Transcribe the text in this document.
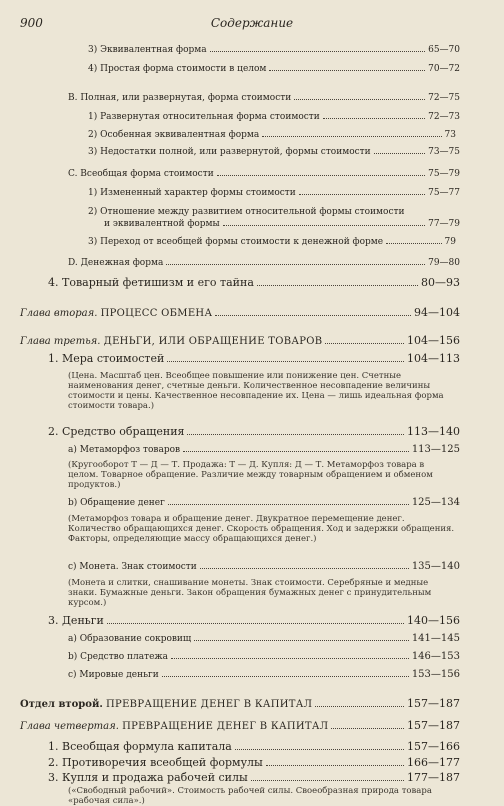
900	Содержание
3) Эквивалентная форма	65—70
4) Простая форма стоимости в целом	70—72
B. Полная, или развернутая, форма стоимости	72—75
1) Развернутая относительная форма стоимости	72—73
2) Особенная эквивалентная форма	73
3) Недостатки полной, или развернутой, формы стоимости	73—75
C. Всеобщая форма стоимости	75—79
1) Измененный характер формы стоимости	75—77
2) Отношение между развитием относительной формы стоимости
и эквивалентной формы	77—79
3) Переход от всеобщей формы стоимости к денежной форме	79
D. Денежная форма	79—80
4. Товарный фетишизм и его тайна	80—93
Глава вторая. ПРОЦЕСС ОБМЕНА	94—104
Глава третья. ДЕНЬГИ, ИЛИ ОБРАЩЕНИЕ ТОВАРОВ	104—156
1. Мера стоимостей	104—113
(Цена. Масштаб цен. Всеобщее повышение или понижение цен. Счетные наименования денег, счетные деньги. Количественное несовпадение величины стоимости и цены. Качественное несовпадение их. Цена — лишь идеальная форма стоимости товара.)
2. Средство обращения	113—140
a) Метаморфоз товаров	113—125
(Кругооборот Т — Д — Т. Продажа: Т — Д. Купля: Д — Т. Метаморфоз товара в целом. Товарное обращение. Различие между товарным обращением и обменом продуктов.)
b) Обращение денег	125—134
(Метаморфоз товара и обращение денег. Двукратное перемещение денег. Количество обращающихся денег. Скорость обращения. Ход и задержки обращения. Факторы, определяющие массу обращающихся денег.)
c) Монета. Знак стоимости	135—140
(Монета и слитки, снашивание монеты. Знак стоимости. Серебряные и медные знаки. Бумажные деньги. Закон обращения бумажных денег с принудительным курсом.)
3. Деньги	140—156
a) Образование сокровищ	141—145
b) Средство платежа	146—153
c) Мировые деньги	153—156
Отдел второй. ПРЕВРАЩЕНИЕ ДЕНЕГ В КАПИТАЛ	157—187
Глава четвертая. ПРЕВРАЩЕНИЕ ДЕНЕГ В КАПИТАЛ	157—187
1. Всеобщая формула капитала	157—166
2. Противоречия всеобщей формулы	166—177
3. Купля и продажа рабочей силы	177—187
(«Свободный рабочий». Стоимость рабочей силы. Своеобразная природа товара «рабочая сила».)
